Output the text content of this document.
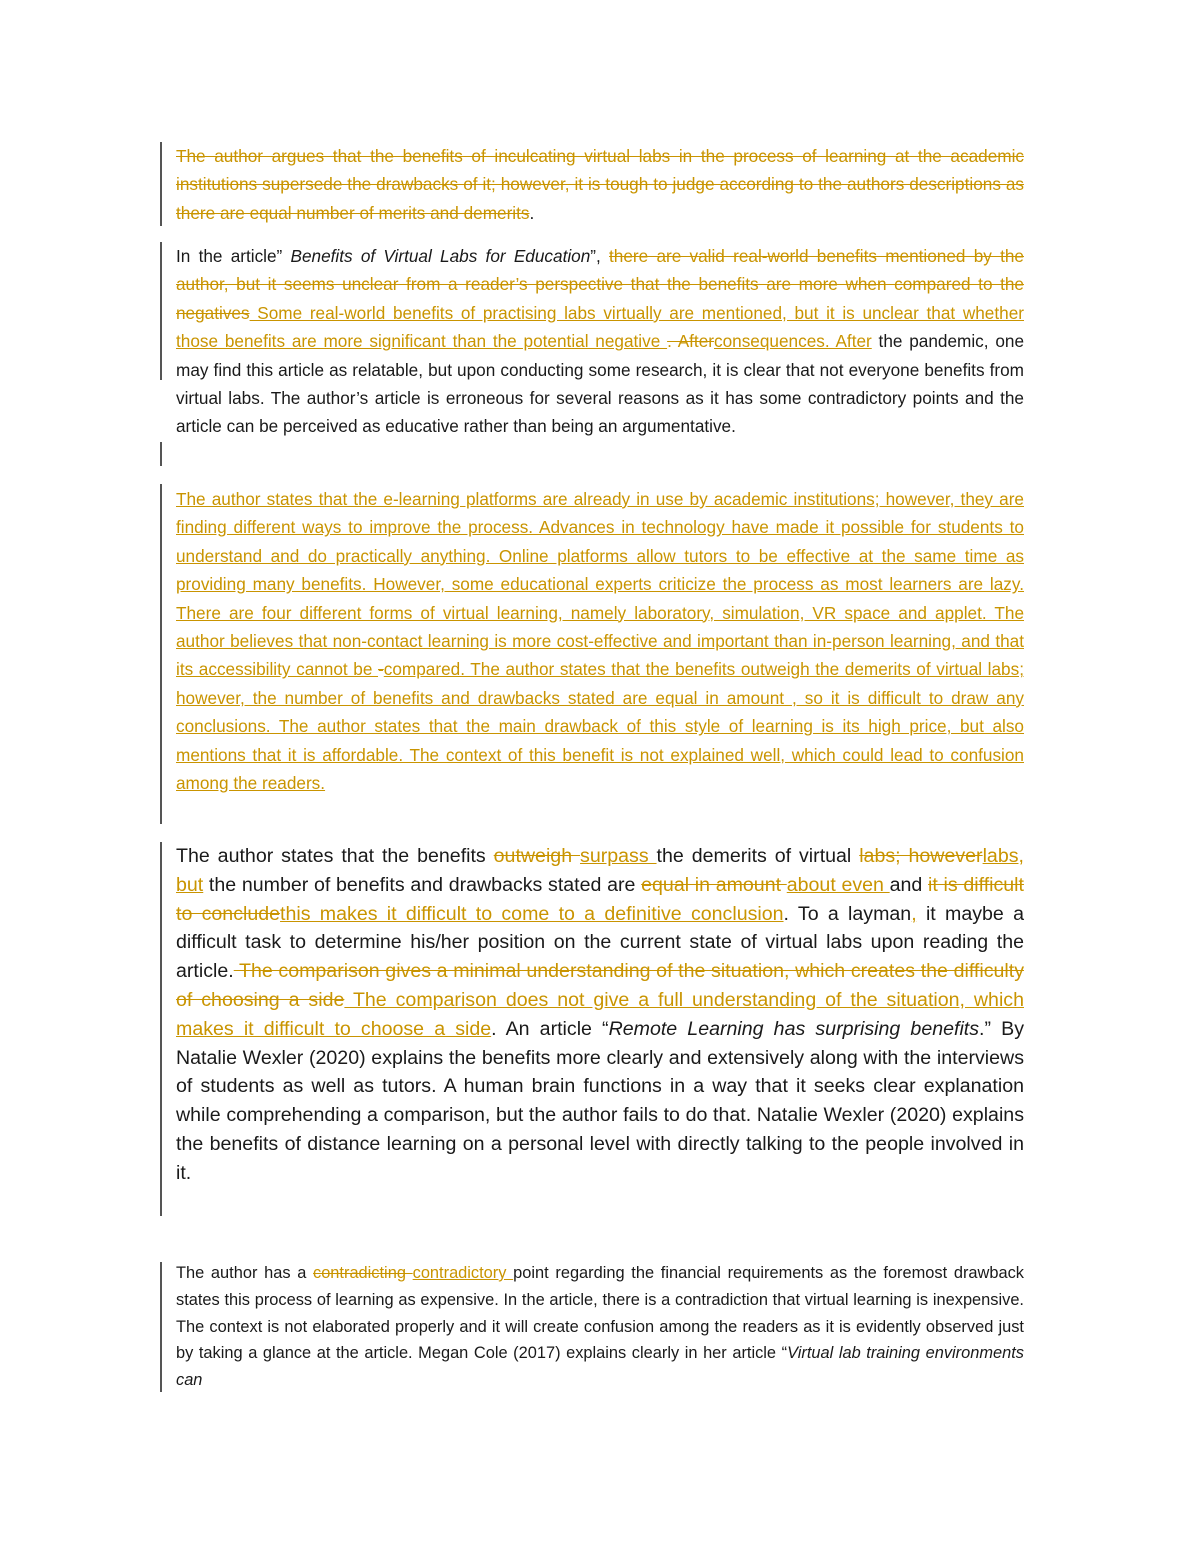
The author argues that the benefits of inculcating virtual labs in the process of learning at the academic institutions supersede the drawbacks of it; however, it is tough to judge according to the authors descriptions as there are equal number of merits and demerits.

In the article” Benefits of Virtual Labs for Education”, there are valid real-world benefits mentioned by the author, but it seems unclear from a reader’s perspective that the benefits are more when compared to the negatives Some real-world benefits of practising labs virtually are mentioned, but it is unclear that whether those benefits are more significant than the potential negative . Afterconsequences. After the pandemic, one may find this article as relatable, but upon conducting some research, it is clear that not everyone benefits from virtual labs. The author’s article is erroneous for several reasons as it has some contradictory points and the article can be perceived as educative rather than being an argumentative.

The author states that the e-learning platforms are already in use by academic institutions; however, they are finding different ways to improve the process. Advances in technology have made it possible for students to understand and do practically anything. Online platforms allow tutors to be effective at the same time as providing many benefits. However, some educational experts criticize the process as most learners are lazy. There are four different forms of virtual learning, namely laboratory, simulation, VR space and applet. The author believes that non-contact learning is more cost-effective and important than in-person learning, and that its accessibility cannot be -compared. The author states that the benefits outweigh the demerits of virtual labs; however, the number of benefits and drawbacks stated are equal in amount , so it is difficult to draw any conclusions. The author states that the main drawback of this style of learning is its high price, but also mentions that it is affordable. The context of this benefit is not explained well, which could lead to confusion among the readers.

The author states that the benefits outweigh surpass the demerits of virtual labs; howeverlabs, but the number of benefits and drawbacks stated are equal in amount about even and it is difficult to concludethis makes it difficult to come to a definitive conclusion. To a layman, it maybe a difficult task to determine his/her position on the current state of virtual labs upon reading the article. The comparison gives a minimal understanding of the situation, which creates the difficulty of choosing a side The comparison does not give a full understanding of the situation, which makes it difficult to choose a side. An article “Remote Learning has surprising benefits.” By Natalie Wexler (2020) explains the benefits more clearly and extensively along with the interviews of students as well as tutors. A human brain functions in a way that it seeks clear explanation while comprehending a comparison, but the author fails to do that. Natalie Wexler (2020) explains the benefits of distance learning on a personal level with directly talking to the people involved in it.

The author has a contradicting contradictory point regarding the financial requirements as the foremost drawback states this process of learning as expensive. In the article, there is a contradiction that virtual learning is inexpensive. The context is not elaborated properly and it will create confusion among the readers as it is evidently observed just by taking a glance at the article. Megan Cole (2017) explains clearly in her article “Virtual lab training environments can
